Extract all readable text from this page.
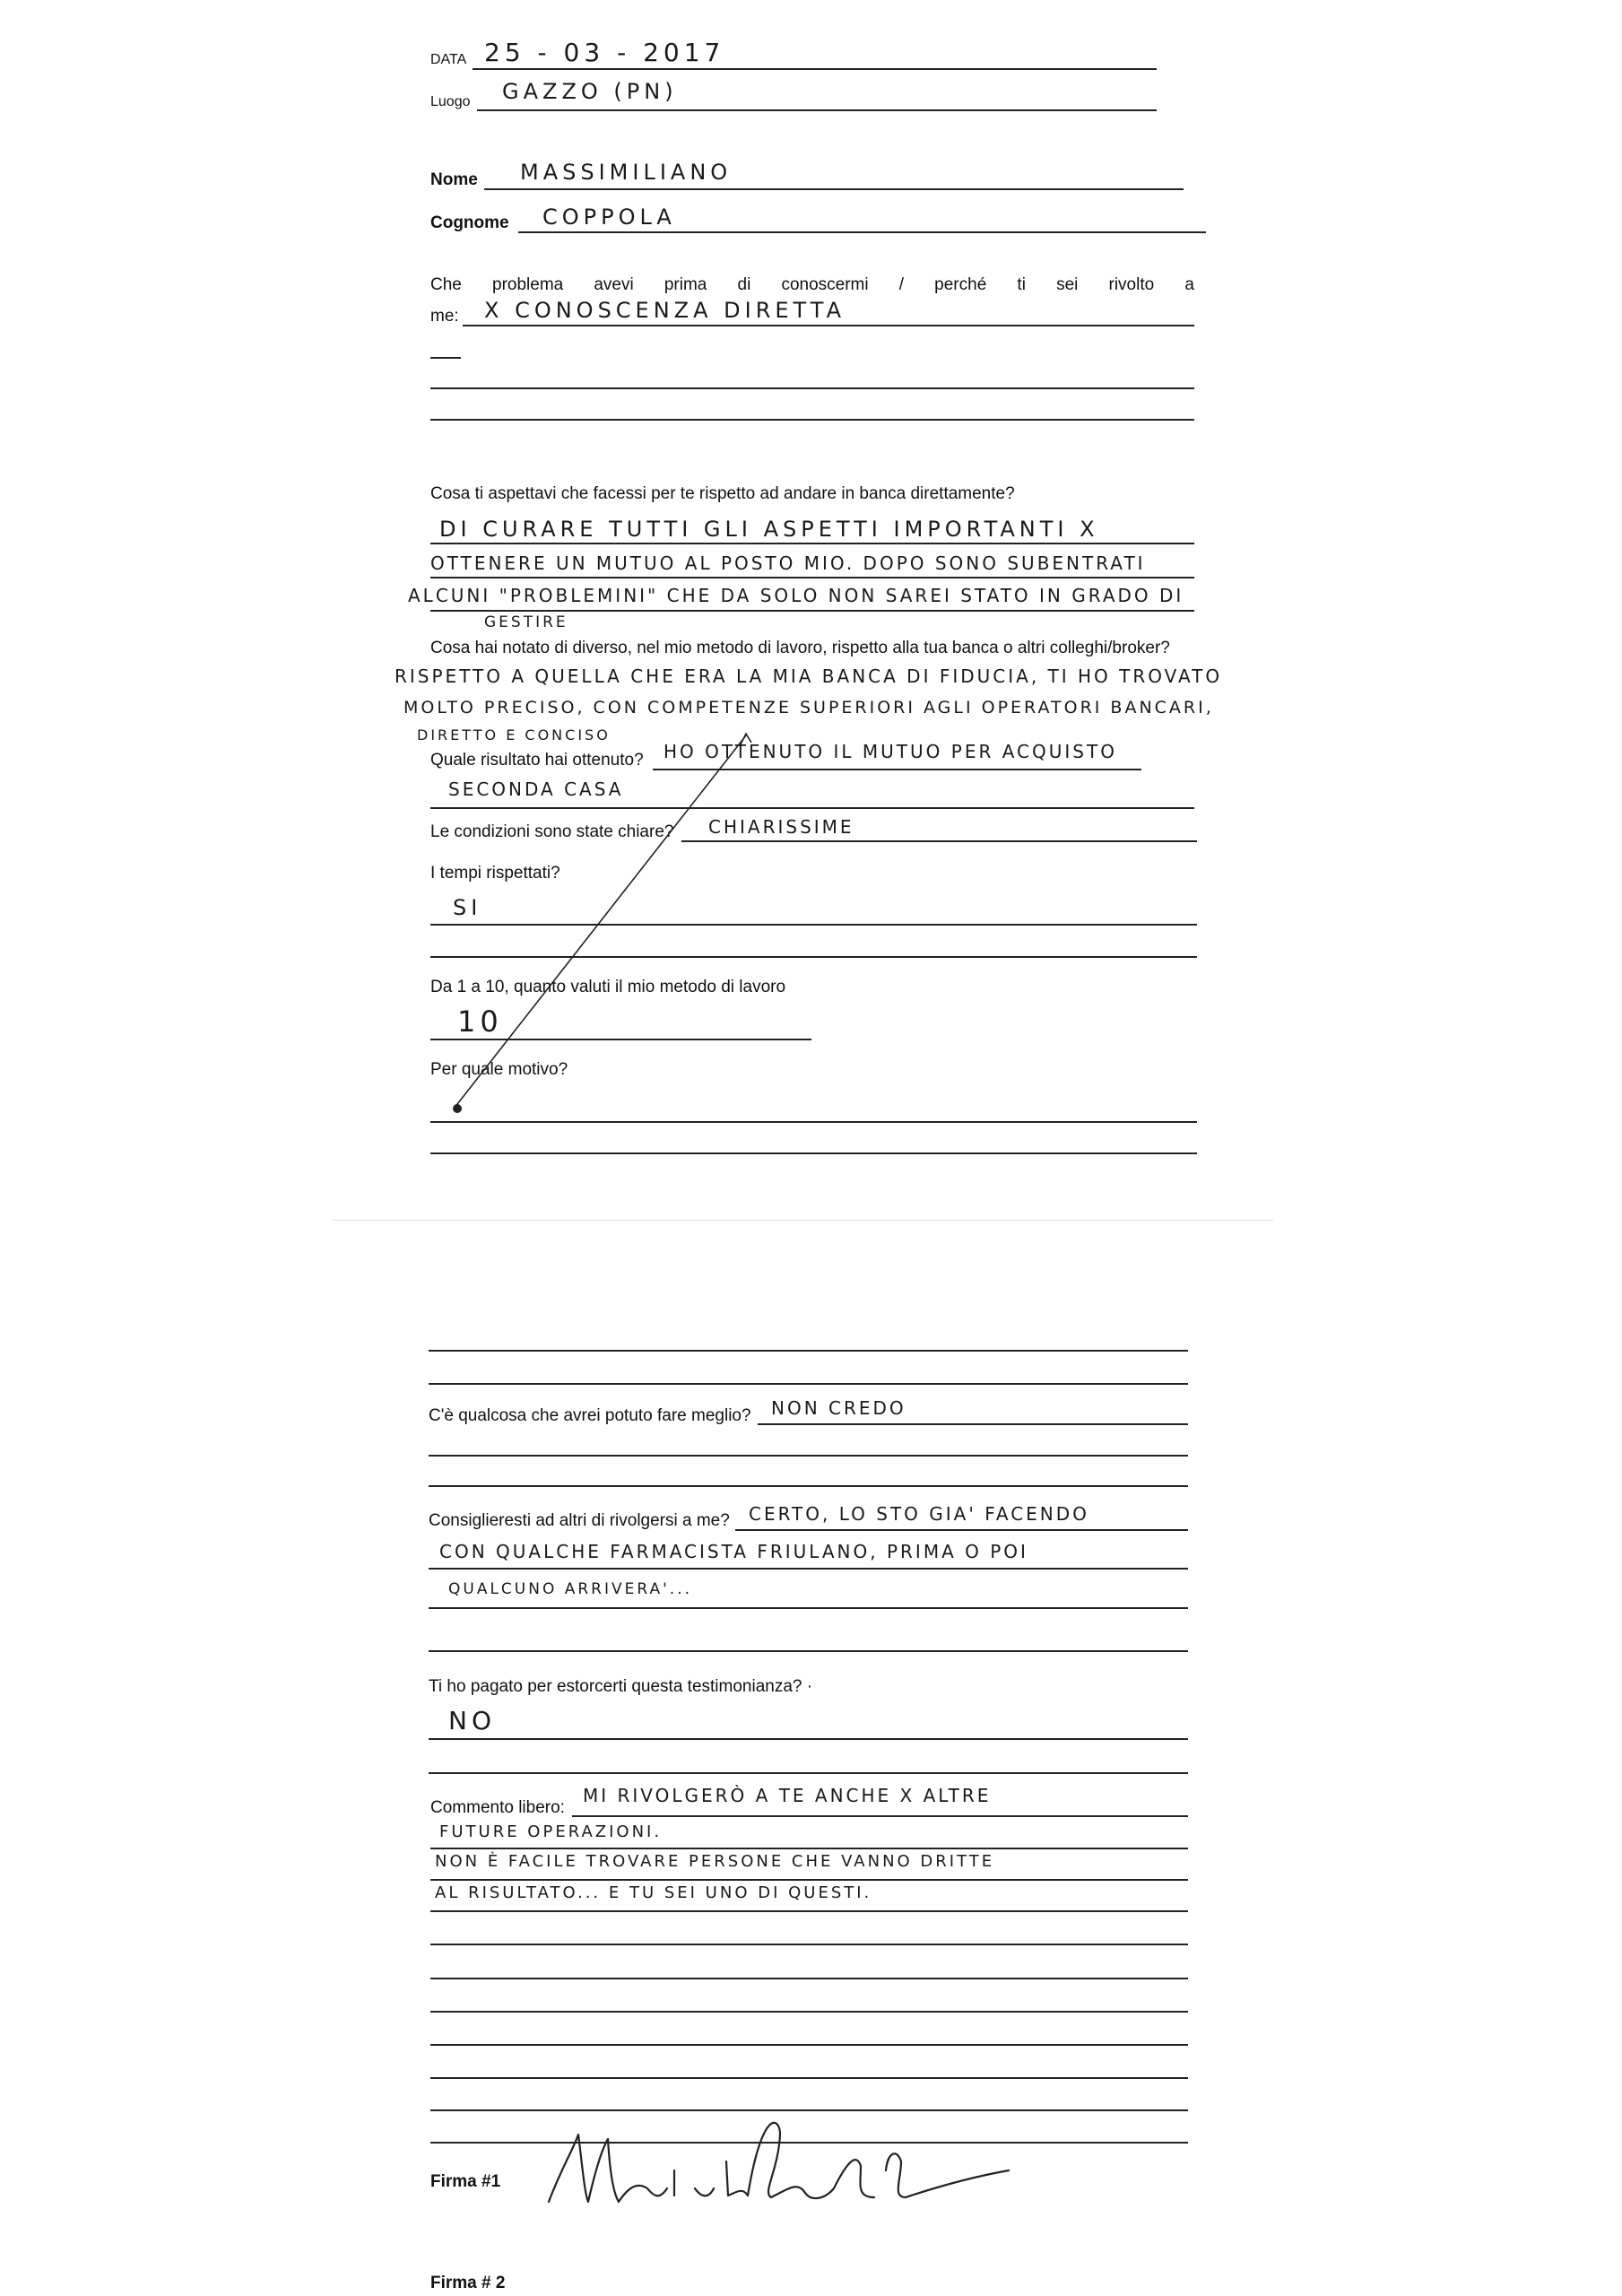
DATA 25 - 03 - 2017
Luogo GAZZO (PN)
Nome MASSIMILIANO
Cognome COPPOLA
Che problema avevi prima di conoscermi / perché ti sei rivolto a
me: X CONOSCENZA DIRETTA
Cosa ti aspettavi che facessi per te rispetto ad andare in banca direttamente?
DI CURARE TUTTI GLI ASPETTI IMPORTANTI X
OTTENERE UN MUTUO AL POSTO MIO. DOPO SONO SUBENTRATI
ALCUNI "PROBLEMINI" CHE DA SOLO NON SAREI STATO IN GRADO DI
GESTIRE
Cosa hai notato di diverso, nel mio metodo di lavoro, rispetto alla tua banca o altri colleghi/broker?
RISPETTO A QUELLA CHE ERA LA MIA BANCA DI FIDUCIA, TI HO TROVATO
MOLTO PRECISO, CON COMPETENZE SUPERIORI AGLI OPERATORI BANCARI,
DIRETTO E CONCISO
Quale risultato hai ottenuto? HO OTTENUTO IL MUTUO PER ACQUISTO
SECONDA CASA
Le condizioni sono state chiare? CHIARISSIME
I tempi rispettati?
SI
Da 1 a 10, quanto valuti il mio metodo di lavoro
10
Per quale motivo?
C'è qualcosa che avrei potuto fare meglio? NON CREDO
Consiglieresti ad altri di rivolgersi a me? CERTO, LO STO GIA' FACENDO
CON QUALCHE FARMACISTA FRIULANO, PRIMA O POI
QUALCUNO ARRIVERA'...
Ti ho pagato per estorcerti questa testimonianza? ·
NO
Commento libero:
MI RIVOLGERÒ A TE ANCHE X ALTRE
FUTURE OPERAZIONI.
NON È FACILE TROVARE PERSONE CHE VANNO DRITTE
AL RISULTATO... E TU SEI UNO DI QUESTI.
Firma #1
Firma # 2
